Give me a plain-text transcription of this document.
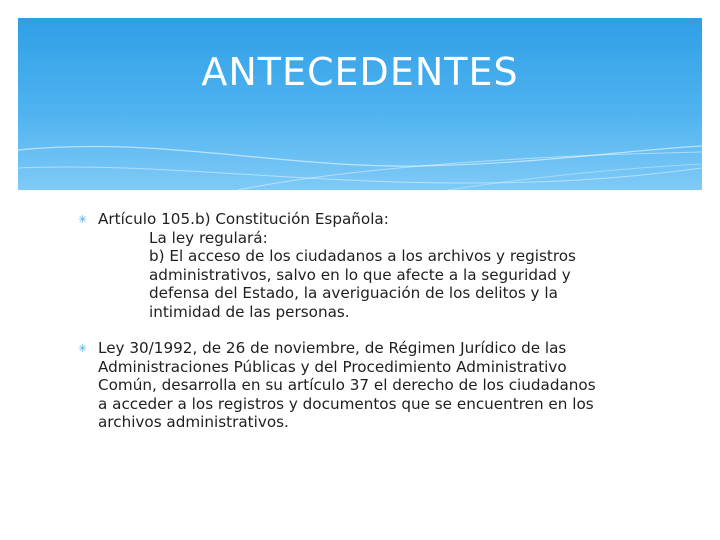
ANTECEDENTES
✳ Artículo 105.b) Constitución Española:
La ley regulará:
b) El acceso de los ciudadanos a los archivos y registros
administrativos, salvo en lo que afecte a la seguridad y
defensa del Estado, la averiguación de los delitos y la
intimidad de las personas.
✳ Ley 30/1992, de 26 de noviembre, de Régimen Jurídico de las
Administraciones Públicas y del Procedimiento Administrativo
Común, desarrolla en su artículo 37 el derecho de los ciudadanos
a acceder a los registros y documentos que se encuentren en los
archivos administrativos.
